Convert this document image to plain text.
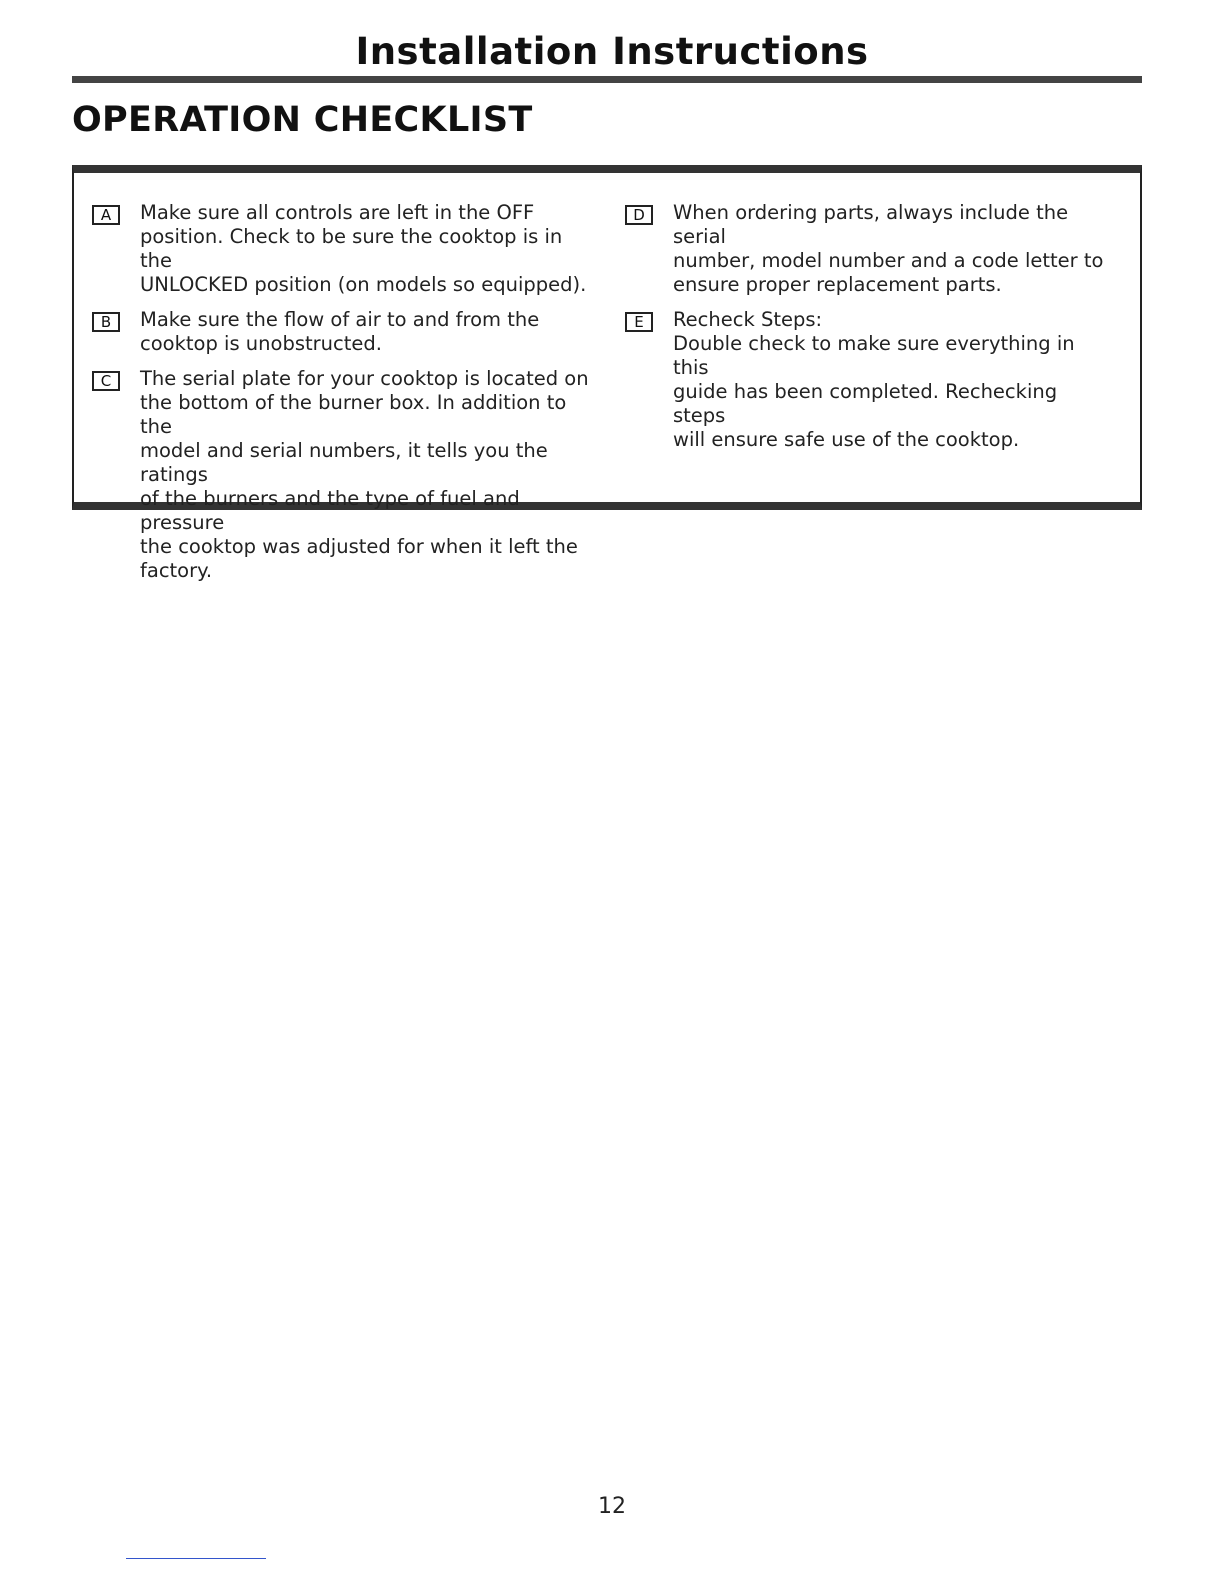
Installation Instructions
OPERATION CHECKLIST
A	Make sure all controls are left in the OFF
position. Check to be sure the cooktop is in the
UNLOCKED position (on models so equipped).
B	Make sure the flow of air to and from the
cooktop is unobstructed.
C	The serial plate for your cooktop is located on
the bottom of the burner box. In addition to the
model and serial numbers, it tells you the ratings
of the burners and the type of fuel and pressure
the cooktop was adjusted for when it left the
factory.
D	When ordering parts, always include the serial
number, model number and a code letter to
ensure proper replacement parts.
E	Recheck Steps:
Double check to make sure everything in this
guide has been completed. Rechecking steps
will ensure safe use of the cooktop.
12
